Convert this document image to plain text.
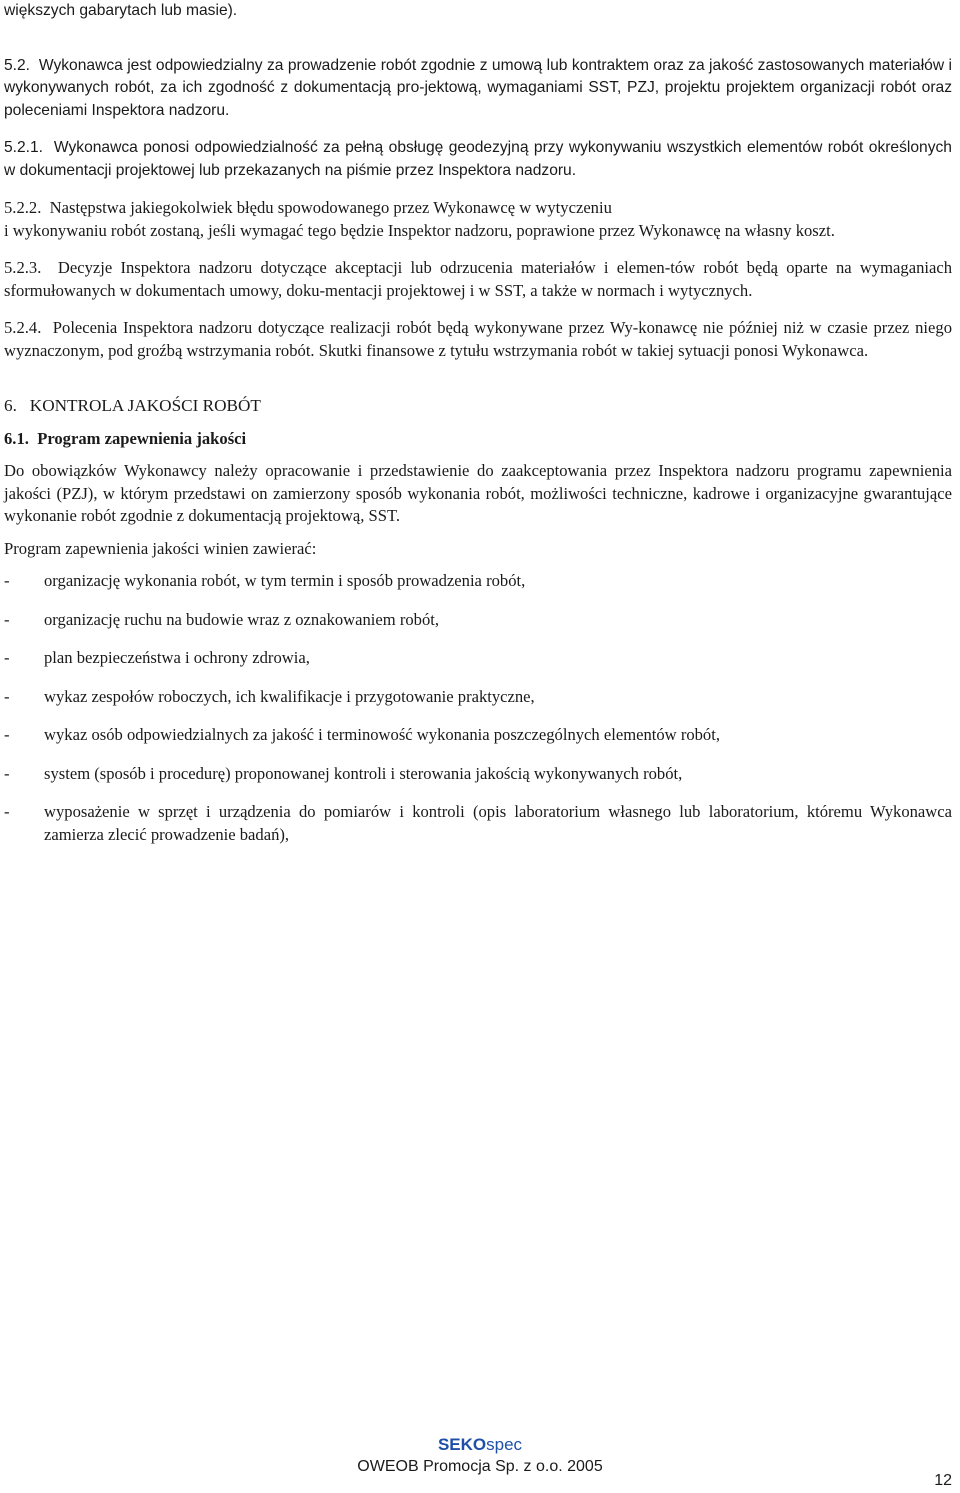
większych gabarytach lub masie).

5.2. Wykonawca jest odpowiedzialny za prowadzenie robót zgodnie z umową lub kontraktem oraz za jakość zastosowanych materiałów i wykonywanych robót, za ich zgodność z dokumentacją pro-jektową, wymaganiami SST, PZJ, projektu projektem organizacji robót oraz poleceniami Inspektora nadzoru.

5.2.1. Wykonawca ponosi odpowiedzialność za pełną obsługę geodezyjną przy wykonywaniu wszystkich elementów robót określonych w dokumentacji projektowej lub przekazanych na piśmie przez Inspektora nadzoru.

5.2.2. Następstwa jakiegokolwiek błędu spowodowanego przez Wykonawcę w wytyczeniu

i wykonywaniu robót zostaną, jeśli wymagać tego będzie Inspektor nadzoru, poprawione przez Wykonawcę na własny koszt.

5.2.3. Decyzje Inspektora nadzoru dotyczące akceptacji lub odrzucenia materiałów i elemen-tów robót będą oparte na wymaganiach sformułowanych w dokumentach umowy, doku-mentacji projektowej i w SST, a także w normach i wytycznych.

5.2.4. Polecenia Inspektora nadzoru dotyczące realizacji robót będą wykonywane przez Wy-konawcę nie później niż w czasie przez niego wyznaczonym, pod groźbą wstrzymania robót. Skutki finansowe z tytułu wstrzymania robót w takiej sytuacji ponosi Wykonawca.

6. KONTROLA JAKOŚCI ROBÓT
6.1. Program zapewnienia jakości

Do obowiązków Wykonawcy należy opracowanie i przedstawienie do zaakceptowania przez Inspektora nadzoru programu zapewnienia jakości (PZJ), w którym przedstawi on zamierzony sposób wykonania robót, możliwości techniczne, kadrowe i organizacyjne gwarantujące wykonanie robót zgodnie z dokumentacją projektową, SST.

Program zapewnienia jakości winien zawierać:

- organizację wykonania robót, w tym termin i sposób prowadzenia robót,
- organizację ruchu na budowie wraz z oznakowaniem robót,
- plan bezpieczeństwa i ochrony zdrowia,
- wykaz zespołów roboczych, ich kwalifikacje i przygotowanie praktyczne,
- wykaz osób odpowiedzialnych za jakość i terminowość wykonania poszczególnych elementów robót,
- system (sposób i procedurę) proponowanej kontroli i sterowania jakością wykonywanych robót,
- wyposażenie w sprzęt i urządzenia do pomiarów i kontroli (opis laboratorium własnego lub laboratorium, któremu Wykonawca zamierza zlecić prowadzenie badań),
SEKOspec
OWEOB Promocja Sp. z o.o. 2005
12
